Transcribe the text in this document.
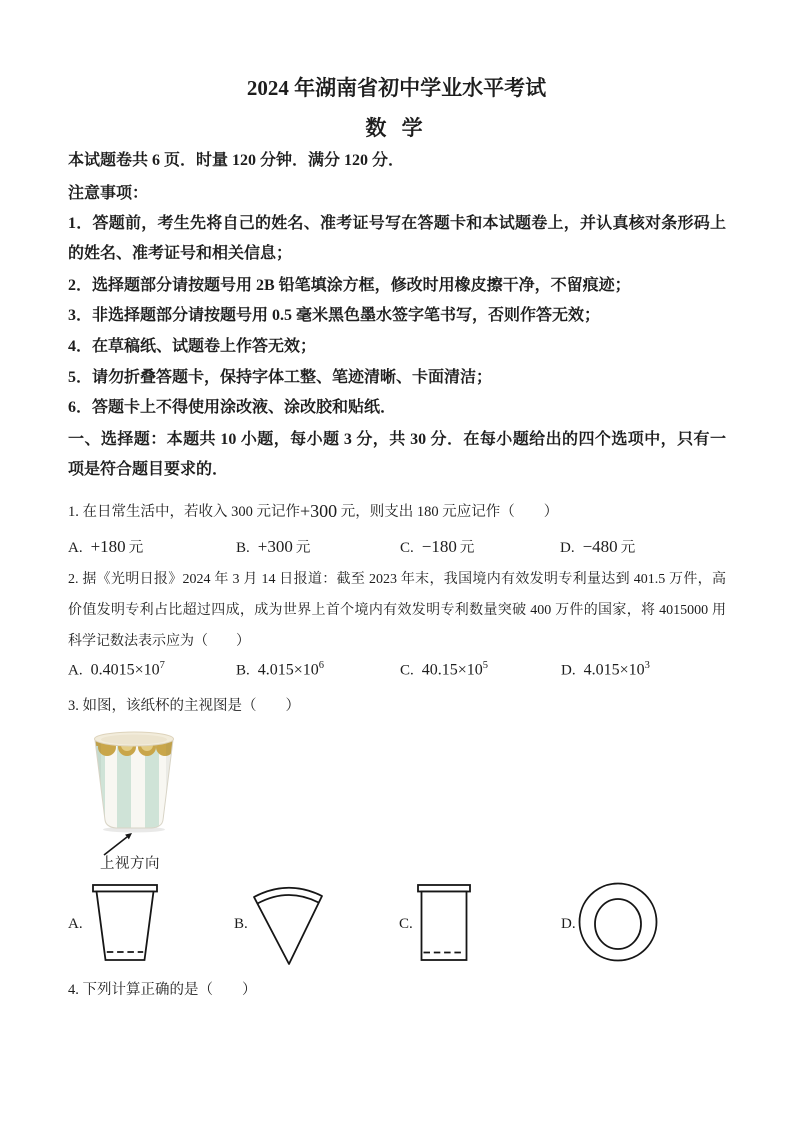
2024 年湖南省初中学业水平考试
数 学
本试题卷共 6 页．时量 120 分钟．满分 120 分．
注意事项：
1．答题前，考生先将自己的姓名、准考证号写在答题卡和本试题卷上，并认真核对条形码上
的姓名、准考证号和相关信息；
2．选择题部分请按题号用 2B 铅笔填涂方框，修改时用橡皮擦干净，不留痕迹；
3．非选择题部分请按题号用 0.5 毫米黑色墨水签字笔书写，否则作答无效；
4．在草稿纸、试题卷上作答无效；
5．请勿折叠答题卡，保持字体工整、笔迹清晰、卡面清洁；
6．答题卡上不得使用涂改液、涂改胶和贴纸．
一、选择题：本题共 10 小题，每小题 3 分，共 30 分．在每小题给出的四个选项中，只有一
项是符合题目要求的．
1. 在日常生活中，若收入 300 元记作+300 元，则支出 180 元应记作（　　）
A. +180 元	B. +300 元	C. −180 元	D. −480 元
2. 据《光明日报》2024 年 3 月 14 日报道：截至 2023 年末，我国境内有效发明专利量达到 401.5 万件，高
价值发明专利占比超过四成，成为世界上首个境内有效发明专利数量突破 400 万件的国家，将 4015000 用
科学记数法表示应为（　　）
A. $0.4015\times 10^7$	B. $4.015\times 10^6$	C. $40.15\times 10^5$	D. $4.015\times 10^3$
3. 如图，该纸杯的主视图是（　　）
上视方向
A.	B.	C.	D.
4. 下列计算正确的是（　　）
